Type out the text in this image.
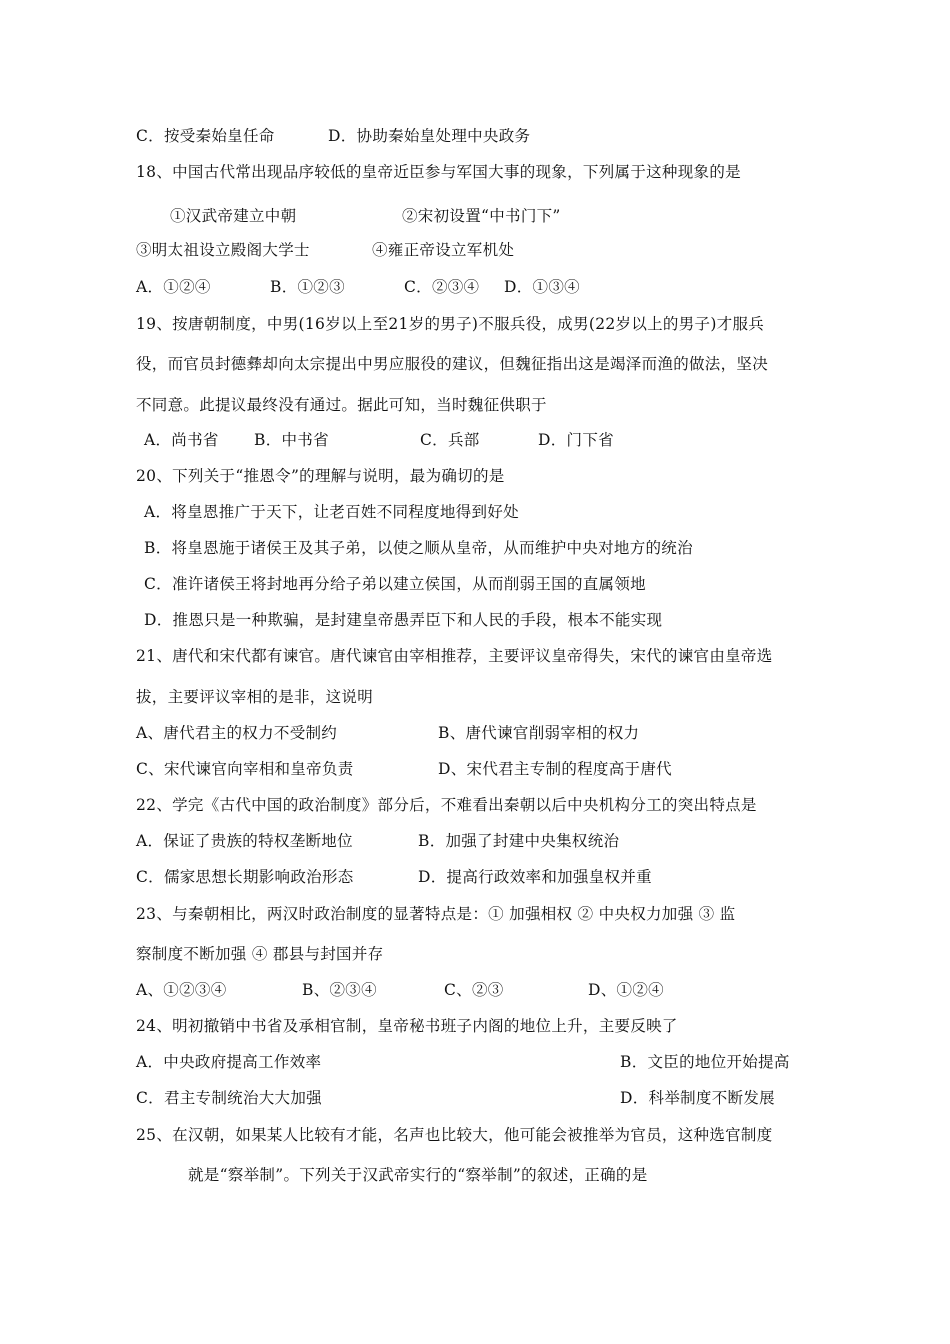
C．按受秦始皇任命	D．协助秦始皇处理中央政务
18、中国古代常出现品序较低的皇帝近臣参与军国大事的现象，下列属于这种现象的是
①汉武帝建立中朝	②宋初设置“中书门下”
③明太祖设立殿阁大学士	④雍正帝设立军机处
A．①②④	B．①②③	C．②③④ D．①③④
19、按唐朝制度，中男(16岁以上至21岁的男子)不服兵役，成男(22岁以上的男子)才服兵
役，而官员封德彝却向太宗提出中男应服役的建议，但魏征指出这是竭泽而渔的做法，坚决
不同意。此提议最终没有通过。据此可知，当时魏征供职于
A．尚书省 B．中书省	C．兵部	D．门下省
20、下列关于“推恩令”的理解与说明，最为确切的是
A．将皇恩推广于天下，让老百姓不同程度地得到好处
B．将皇恩施于诸侯王及其子弟，以使之顺从皇帝，从而维护中央对地方的统治
C．准许诸侯王将封地再分给子弟以建立侯国，从而削弱王国的直属领地
D．推恩只是一种欺骗，是封建皇帝愚弄臣下和人民的手段，根本不能实现
21、唐代和宋代都有谏官。唐代谏官由宰相推荐，主要评议皇帝得失，宋代的谏官由皇帝选
拔，主要评议宰相的是非，这说明
A、唐代君主的权力不受制约	B、唐代谏官削弱宰相的权力
C、宋代谏官向宰相和皇帝负责	D、宋代君主专制的程度高于唐代
22、学完《古代中国的政治制度》部分后，不难看出秦朝以后中央机构分工的突出特点是
A．保证了贵族的特权垄断地位	B．加强了封建中央集权统治
C．儒家思想长期影响政治形态	D．提高行政效率和加强皇权并重
23、与秦朝相比，两汉时政治制度的显著特点是：① 加强相权 ② 中央权力加强 ③ 监
察制度不断加强 ④ 郡县与封国并存
A、①②③④	B、②③④	C、②③	D、①②④
24、明初撤销中书省及承相官制，皇帝秘书班子内阁的地位上升，主要反映了
A．中央政府提高工作效率	B．文臣的地位开始提高
C．君主专制统治大大加强	D．科举制度不断发展
25、在汉朝，如果某人比较有才能，名声也比较大，他可能会被推举为官员，这种选官制度
就是“察举制”。下列关于汉武帝实行的“察举制”的叙述，正确的是
